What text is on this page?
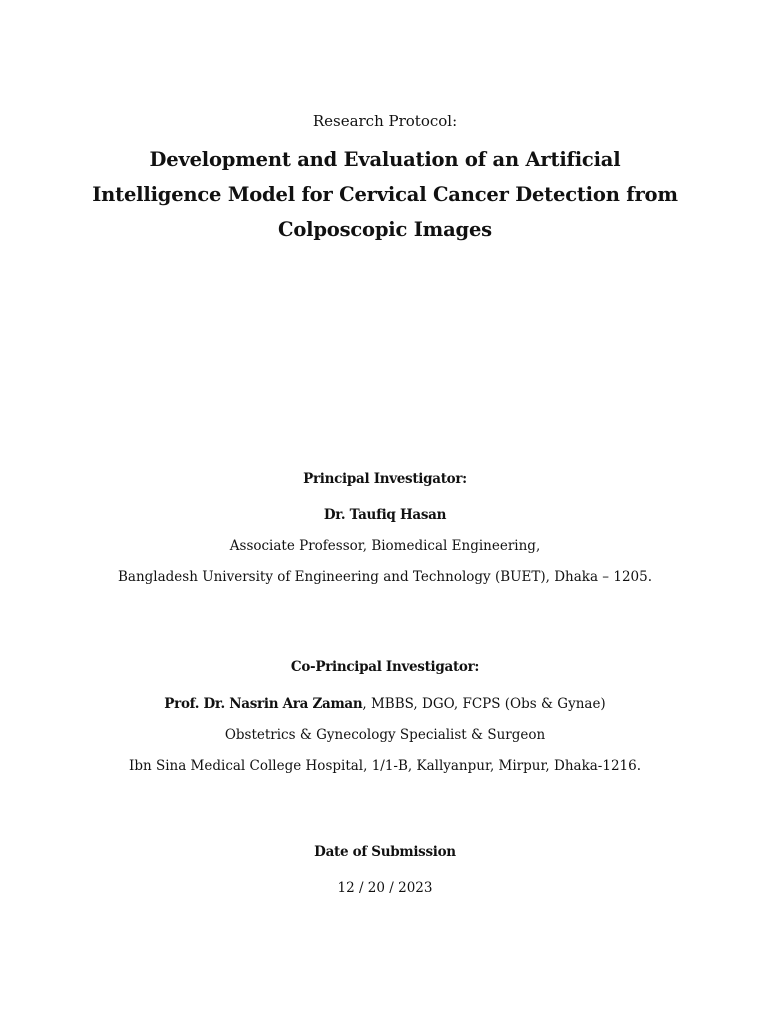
Research Protocol:
Development and Evaluation of an Artificial
Intelligence Model for Cervical Cancer Detection from
Colposcopic Images
Principal Investigator:
Dr. Taufiq Hasan
Associate Professor, Biomedical Engineering,
Bangladesh University of Engineering and Technology (BUET), Dhaka – 1205.
Co-Principal Investigator:
Prof. Dr. Nasrin Ara Zaman, MBBS, DGO, FCPS (Obs & Gynae)
Obstetrics & Gynecology Specialist & Surgeon
Ibn Sina Medical College Hospital, 1/1-B, Kallyanpur, Mirpur, Dhaka-1216.
Date of Submission
12 / 20 / 2023
